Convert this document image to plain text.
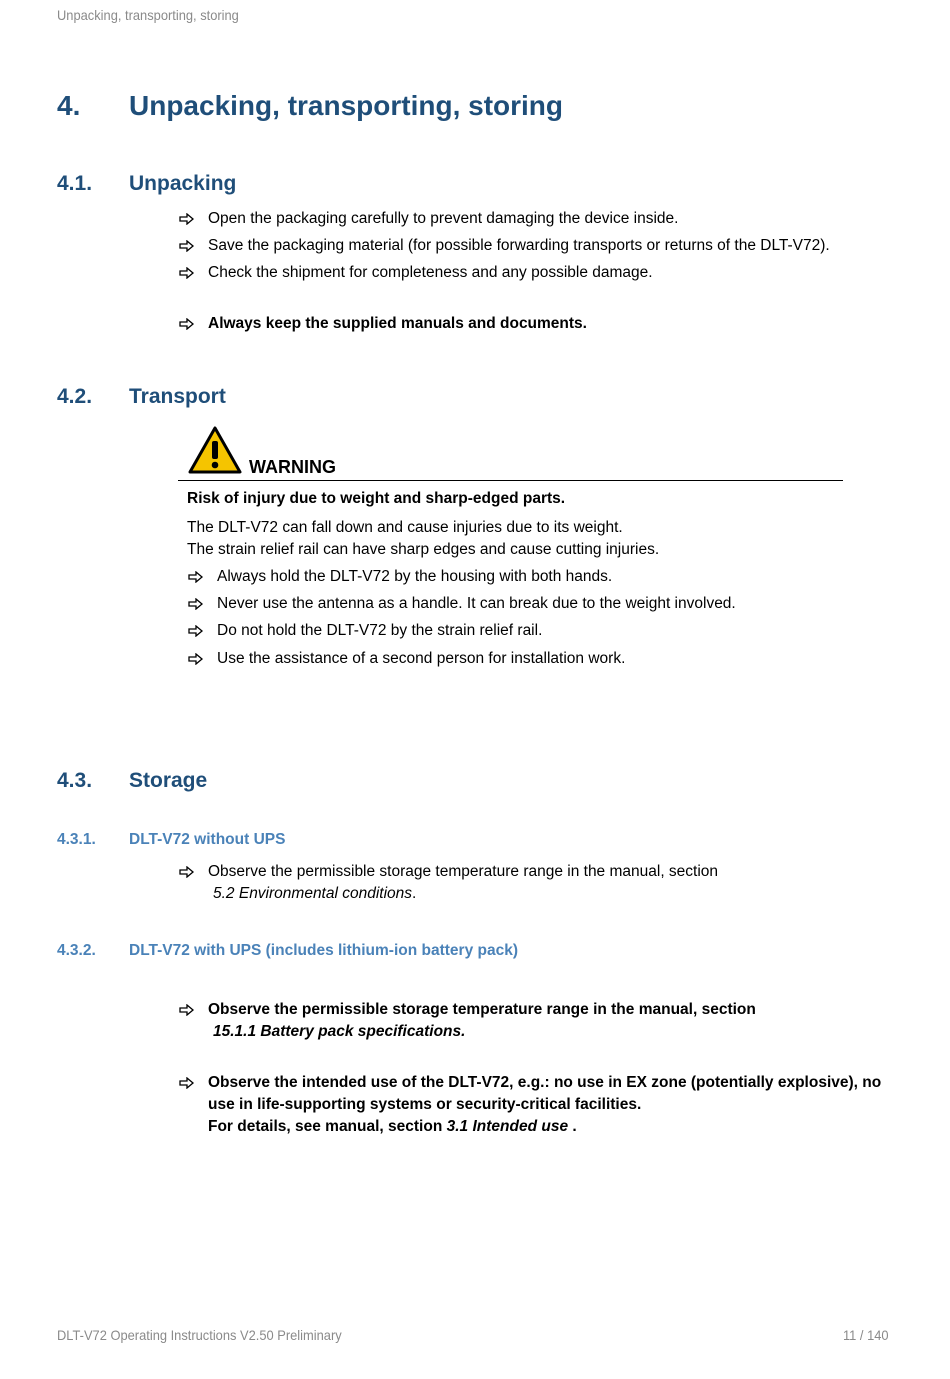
Unpacking, transporting, storing
4. Unpacking, transporting, storing
4.1. Unpacking
Open the packaging carefully to prevent damaging the device inside.
Save the packaging material (for possible forwarding transports or returns of the DLT-V72).
Check the shipment for completeness and any possible damage.
Always keep the supplied manuals and documents.
4.2. Transport
WARNING
Risk of injury due to weight and sharp-edged parts.
The DLT-V72 can fall down and cause injuries due to its weight.
The strain relief rail can have sharp edges and cause cutting injuries.
Always hold the DLT-V72 by the housing with both hands.
Never use the antenna as a handle. It can break due to the weight involved.
Do not hold the DLT-V72 by the strain relief rail.
Use the assistance of a second person for installation work.
4.3. Storage
4.3.1. DLT-V72 without UPS
Observe the permissible storage temperature range in the manual, section
5.2 Environmental conditions.
4.3.2. DLT-V72 with UPS (includes lithium-ion battery pack)
Observe the permissible storage temperature range in the manual, section
15.1.1 Battery pack specifications.
Observe the intended use of the DLT-V72, e.g.: no use in EX zone (potentially explosive), no
use in life-supporting systems or security-critical facilities.
For details, see manual, section 3.1 Intended use .
DLT-V72 Operating Instructions V2.50 Preliminary	11 / 140
